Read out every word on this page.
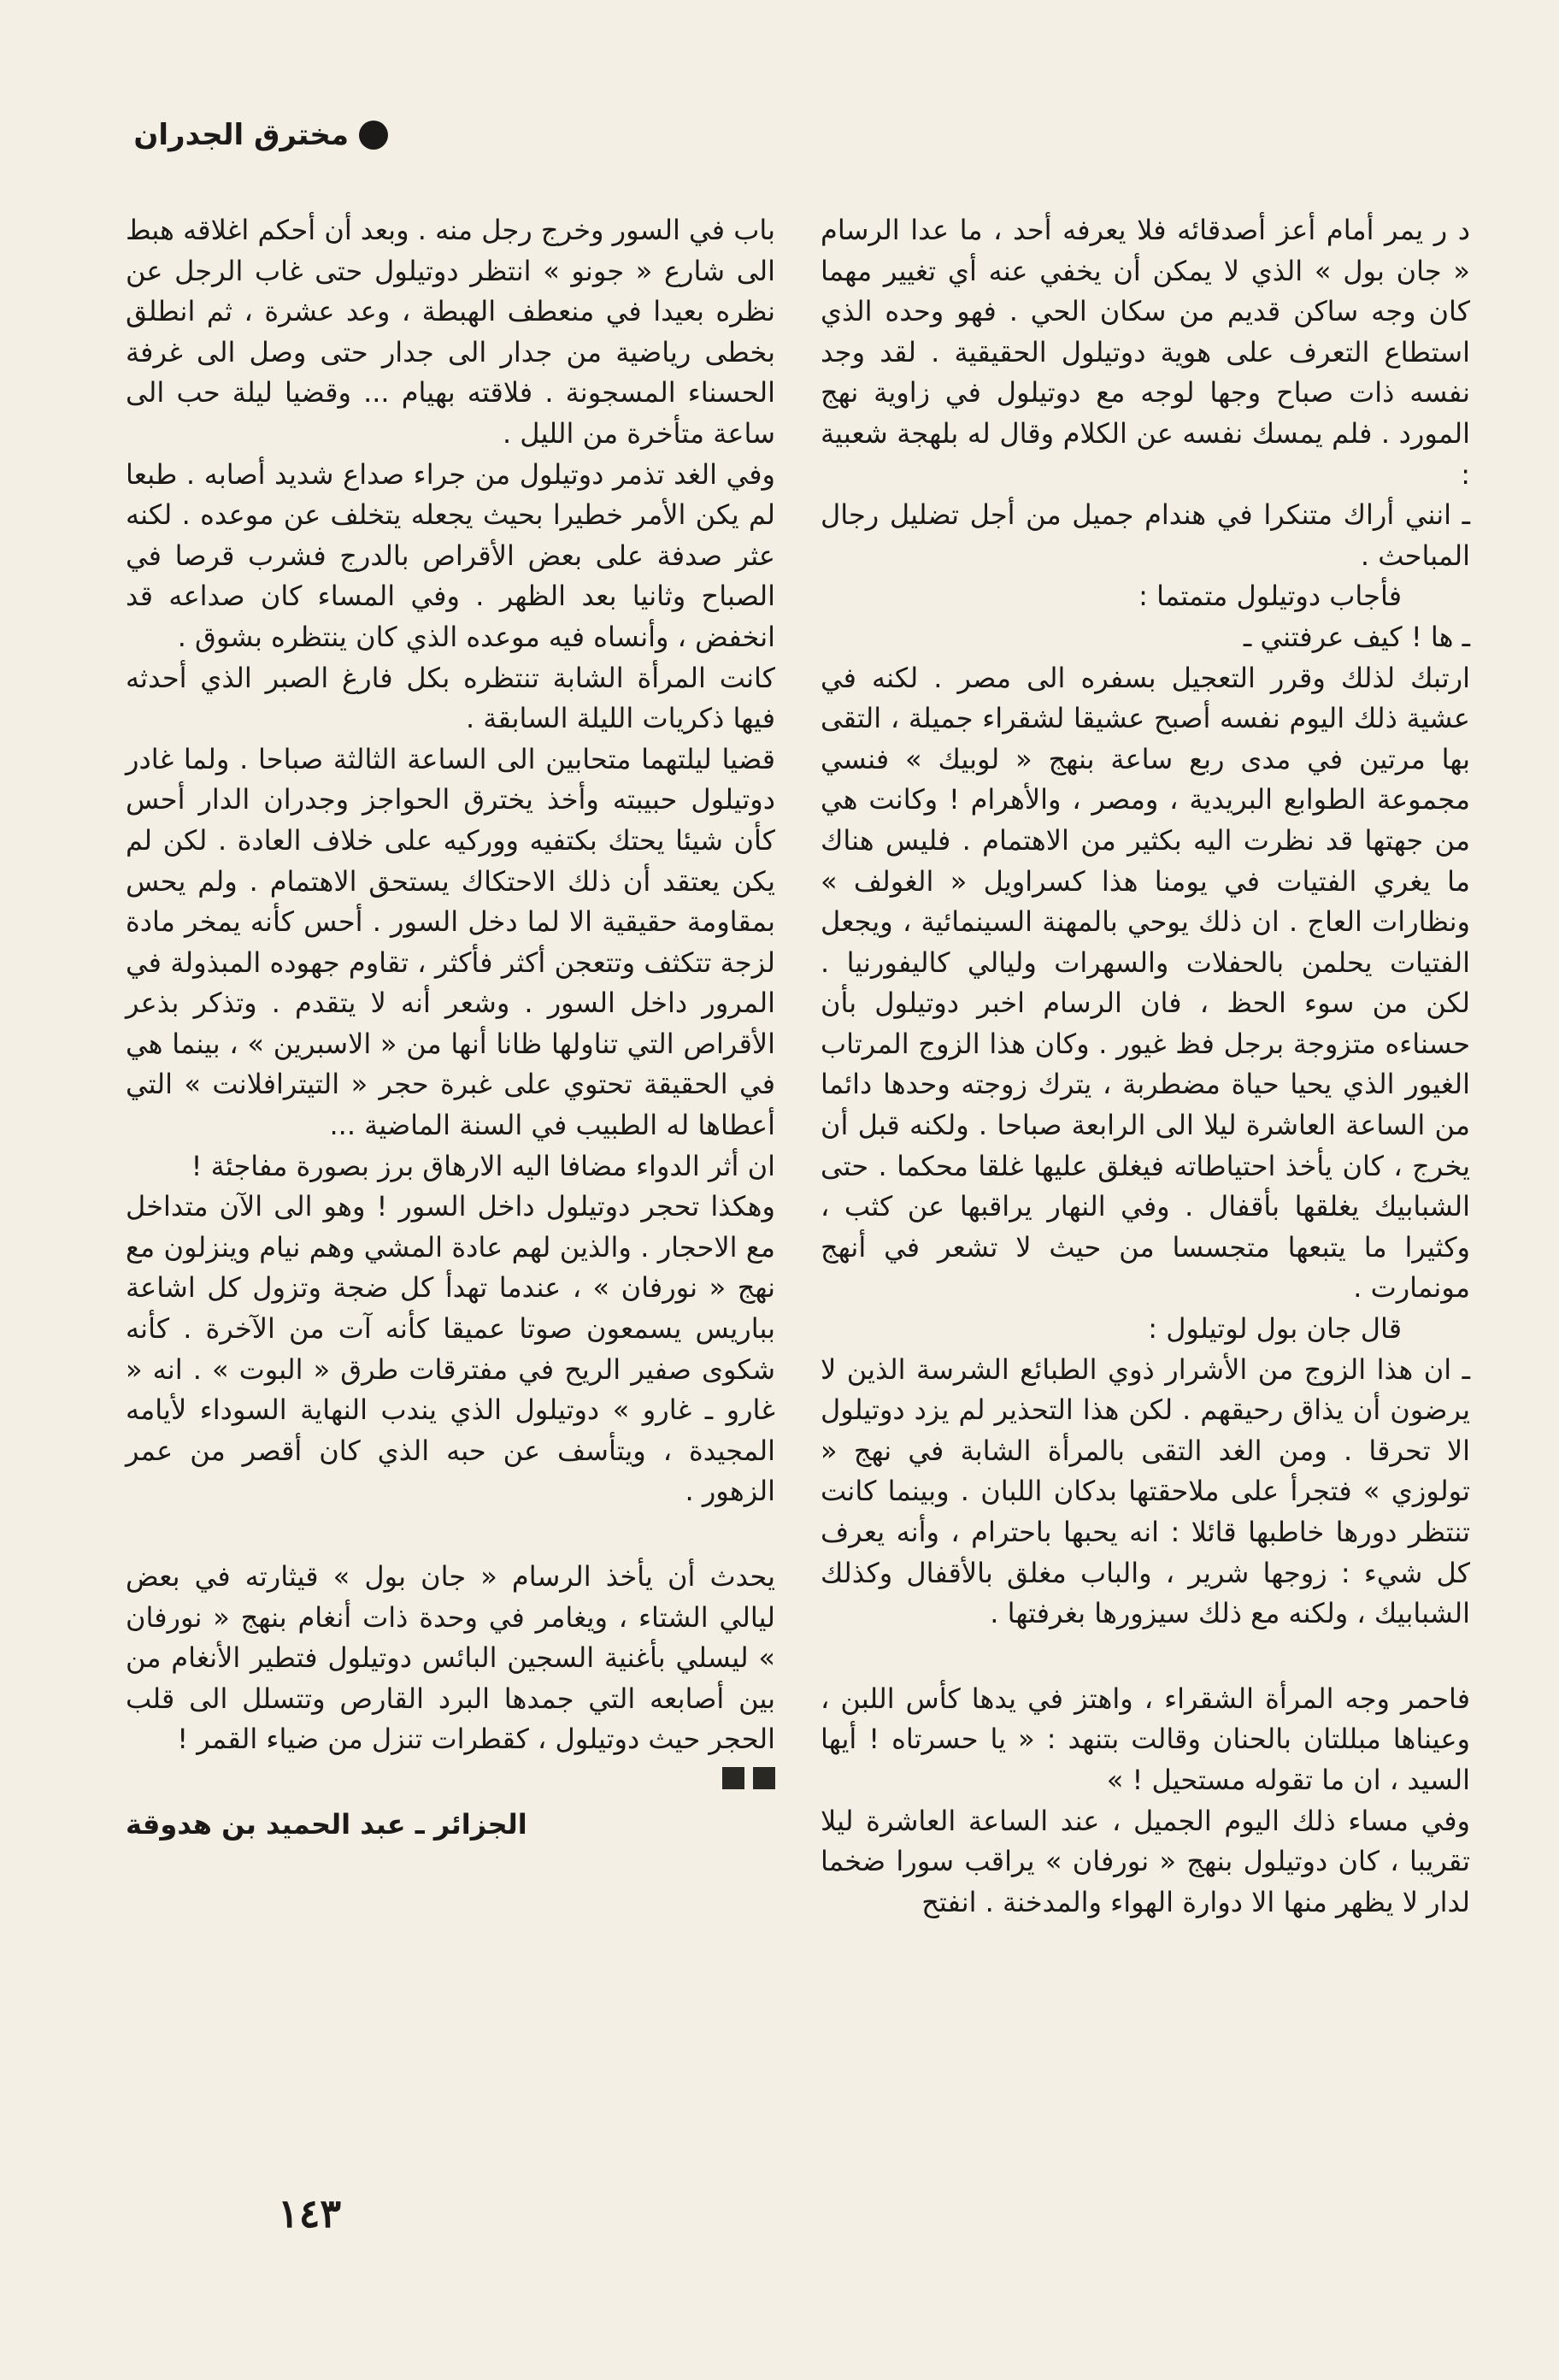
مخترق الجدران

د ر يمر أمام أعز أصدقائه فلا يعرفه أحد ، ما عدا الرسام « جان بول » الذي لا يمكن أن يخفي عنه أي تغيير مهما كان وجه ساكن قديم من سكان الحي . فهو وحده الذي استطاع التعرف على هوية دوتيلول الحقيقية . لقد وجد نفسه ذات صباح وجها لوجه مع دوتيلول في زاوية نهج المورد . فلم يمسك نفسه عن الكلام وقال له بلهجة شعبية :

ـ انني أراك متنكرا في هندام جميل من أجل تضليل رجال المباحث .

فأجاب دوتيلول متمتما :

ـ ها ! كيف عرفتني ـ

ارتبك لذلك وقرر التعجيل بسفره الى مصر . لكنه في عشية ذلك اليوم نفسه أصبح عشيقا لشقراء جميلة ، التقى بها مرتين في مدى ربع ساعة بنهج « لوبيك » فنسي مجموعة الطوابع البريدية ، ومصر ، والأهرام ! وكانت هي من جهتها قد نظرت اليه بكثير من الاهتمام . فليس هناك ما يغري الفتيات في يومنا هذا كسراويل « الغولف » ونظارات العاج . ان ذلك يوحي بالمهنة السينمائية ، ويجعل الفتيات يحلمن بالحفلات والسهرات وليالي كاليفورنيا . لكن من سوء الحظ ، فان الرسام اخبر دوتيلول بأن حسناءه متزوجة برجل فظ غيور . وكان هذا الزوج المرتاب الغيور الذي يحيا حياة مضطربة ، يترك زوجته وحدها دائما من الساعة العاشرة ليلا الى الرابعة صباحا . ولكنه قبل أن يخرج ، كان يأخذ احتياطاته فيغلق عليها غلقا محكما . حتى الشبابيك يغلقها بأقفال . وفي النهار يراقبها عن كثب ، وكثيرا ما يتبعها متجسسا من حيث لا تشعر في أنهج مونمارت .

قال جان بول لوتيلول :

ـ ان هذا الزوج من الأشرار ذوي الطبائع الشرسة الذين لا يرضون أن يذاق رحيقهم . لكن هذا التحذير لم يزد دوتيلول الا تحرقا . ومن الغد التقى بالمرأة الشابة في نهج « تولوزي » فتجرأ على ملاحقتها بدكان اللبان . وبينما كانت تنتظر دورها خاطبها قائلا : انه يحبها باحترام ، وأنه يعرف كل شيء : زوجها شرير ، والباب مغلق بالأقفال وكذلك الشبابيك ، ولكنه مع ذلك سيزورها بغرفتها .

فاحمر وجه المرأة الشقراء ، واهتز في يدها كأس اللبن ، وعيناها مبللتان بالحنان وقالت بتنهد : « يا حسرتاه ! أيها السيد ، ان ما تقوله مستحيل ! »

وفي مساء ذلك اليوم الجميل ، عند الساعة العاشرة ليلا تقريبا ، كان دوتيلول بنهج « نورفان » يراقب سورا ضخما لدار لا يظهر منها الا دوارة الهواء والمدخنة . انفتح

باب في السور وخرج رجل منه . وبعد أن أحكم اغلاقه هبط الى شارع « جونو » انتظر دوتيلول حتى غاب الرجل عن نظره بعيدا في منعطف الهبطة ، وعد عشرة ، ثم انطلق بخطى رياضية من جدار الى جدار حتى وصل الى غرفة الحسناء المسجونة . فلاقته بهيام ... وقضيا ليلة حب الى ساعة متأخرة من الليل .

وفي الغد تذمر دوتيلول من جراء صداع شديد أصابه . طبعا لم يكن الأمر خطيرا بحيث يجعله يتخلف عن موعده . لكنه عثر صدفة على بعض الأقراص بالدرج فشرب قرصا في الصباح وثانيا بعد الظهر . وفي المساء كان صداعه قد انخفض ، وأنساه فيه موعده الذي كان ينتظره بشوق .

كانت المرأة الشابة تنتظره بكل فارغ الصبر الذي أحدثه فيها ذكريات الليلة السابقة .

قضيا ليلتهما متحابين الى الساعة الثالثة صباحا . ولما غادر دوتيلول حبيبته وأخذ يخترق الحواجز وجدران الدار أحس كأن شيئا يحتك بكتفيه ووركيه على خلاف العادة . لكن لم يكن يعتقد أن ذلك الاحتكاك يستحق الاهتمام . ولم يحس بمقاومة حقيقية الا لما دخل السور . أحس كأنه يمخر مادة لزجة تتكثف وتتعجن أكثر فأكثر ، تقاوم جهوده المبذولة في المرور داخل السور . وشعر أنه لا يتقدم . وتذكر بذعر الأقراص التي تناولها ظانا أنها من « الاسبرين » ، بينما هي في الحقيقة تحتوي على غبرة حجر « التيترافلانت » التي أعطاها له الطبيب في السنة الماضية ...

ان أثر الدواء مضافا اليه الارهاق برز بصورة مفاجئة !

وهكذا تحجر دوتيلول داخل السور ! وهو الى الآن متداخل مع الاحجار . والذين لهم عادة المشي وهم نيام وينزلون مع نهج « نورفان » ، عندما تهدأ كل ضجة وتزول كل اشاعة بباريس يسمعون صوتا عميقا كأنه آت من الآخرة . كأنه شكوى صفير الريح في مفترقات طرق « البوت » . انه « غارو ـ غارو » دوتيلول الذي يندب النهاية السوداء لأيامه المجيدة ، ويتأسف عن حبه الذي كان أقصر من عمر الزهور .

يحدث أن يأخذ الرسام « جان بول » قيثارته في بعض ليالي الشتاء ، ويغامر في وحدة ذات أنغام بنهج « نورفان » ليسلي بأغنية السجين البائس دوتيلول فتطير الأنغام من بين أصابعه التي جمدها البرد القارص وتتسلل الى قلب الحجر حيث دوتيلول ، كقطرات تنزل من ضياء القمر !

الجزائر ـ عبد الحميد بن هدوقة
١٤٣
